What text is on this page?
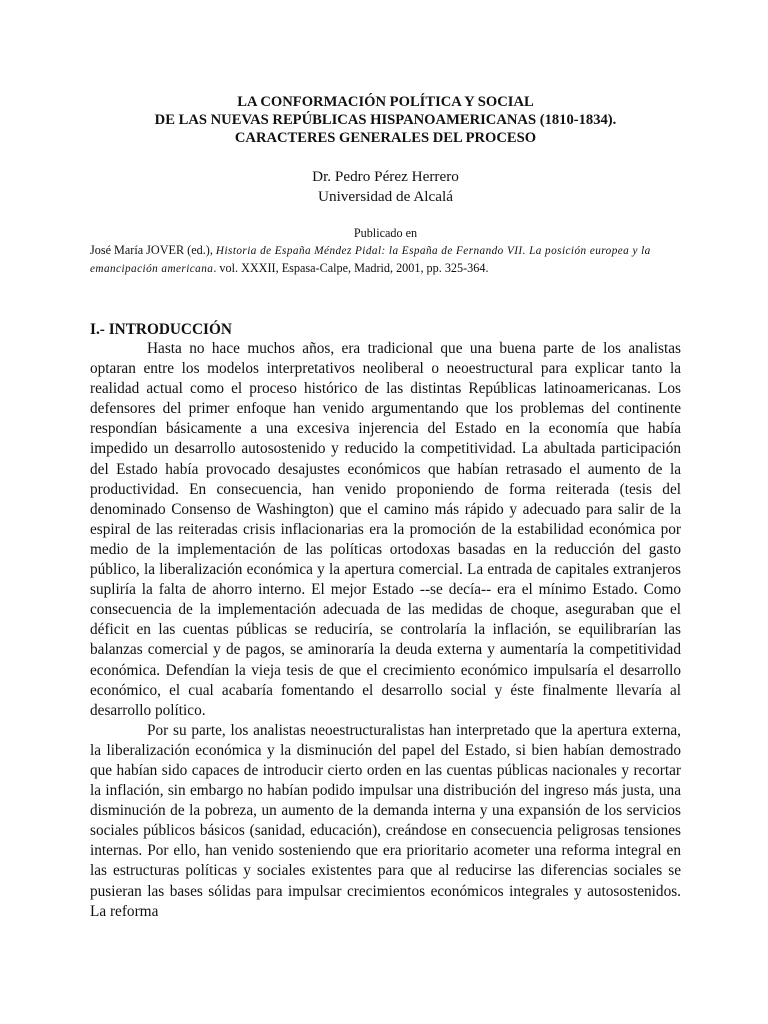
LA CONFORMACIÓN POLÍTICA Y SOCIAL

DE LAS NUEVAS REPÚBLICAS HISPANOAMERICANAS (1810-1834).

CARACTERES GENERALES DEL PROCESO

Dr. Pedro Pérez Herrero
Universidad de Alcalá
Publicado en
José María JOVER (ed.), Historia de España Méndez Pidal: la España de Fernando VII. La posición europea y la emancipación americana. vol. XXXII, Espasa-Calpe, Madrid, 2001, pp. 325-364.
I.- INTRODUCCIÓN

Hasta no hace muchos años, era tradicional que una buena parte de los analistas optaran entre los modelos interpretativos neoliberal o neoestructural para explicar tanto la realidad actual como el proceso histórico de las distintas Repúblicas latinoamericanas. Los defensores del primer enfoque han venido argumentando que los problemas del continente respondían básicamente a una excesiva injerencia del Estado en la economía que había impedido un desarrollo autosostenido y reducido la competitividad. La abultada participación del Estado había provocado desajustes económicos que habían retrasado el aumento de la productividad. En consecuencia, han venido proponiendo de forma reiterada (tesis del denominado Consenso de Washington) que el camino más rápido y adecuado para salir de la espiral de las reiteradas crisis inflacionarias era la promoción de la estabilidad económica por medio de la implementación de las políticas ortodoxas basadas en la reducción del gasto público, la liberalización económica y la apertura comercial. La entrada de capitales extranjeros supliría la falta de ahorro interno. El mejor Estado --se decía-- era el mínimo Estado. Como consecuencia de la implementación adecuada de las medidas de choque, aseguraban que el déficit en las cuentas públicas se reduciría, se controlaría la inflación, se equilibrarían las balanzas comercial y de pagos, se aminoraría la deuda externa y aumentaría la competitividad económica. Defendían la vieja tesis de que el crecimiento económico impulsaría el desarrollo económico, el cual acabaría fomentando el desarrollo social y éste finalmente llevaría al desarrollo político.

Por su parte, los analistas neoestructuralistas han interpretado que la apertura externa, la liberalización económica y la disminución del papel del Estado, si bien habían demostrado que habían sido capaces de introducir cierto orden en las cuentas públicas nacionales y recortar la inflación, sin embargo no habían podido impulsar una distribución del ingreso más justa, una disminución de la pobreza, un aumento de la demanda interna y una expansión de los servicios sociales públicos básicos (sanidad, educación), creándose en consecuencia peligrosas tensiones internas. Por ello, han venido sosteniendo que era prioritario acometer una reforma integral en las estructuras políticas y sociales existentes para que al reducirse las diferencias sociales se pusieran las bases sólidas para impulsar crecimientos económicos integrales y autosostenidos. La reforma
